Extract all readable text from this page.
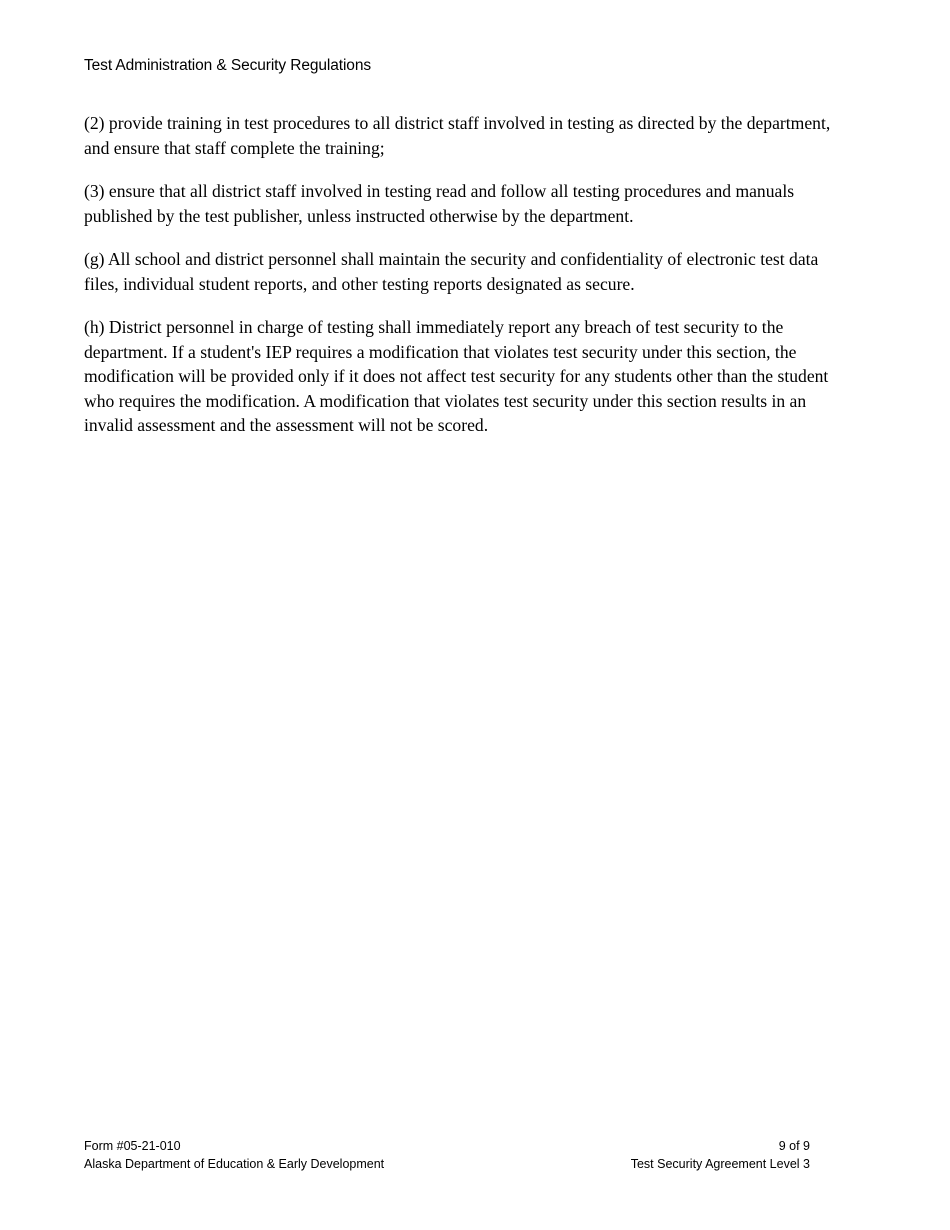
Test Administration & Security Regulations

(2) provide training in test procedures to all district staff involved in testing as directed by the department, and ensure that staff complete the training;

(3) ensure that all district staff involved in testing read and follow all testing procedures and manuals published by the test publisher, unless instructed otherwise by the department.

(g) All school and district personnel shall maintain the security and confidentiality of electronic test data files, individual student reports, and other testing reports designated as secure.

(h) District personnel in charge of testing shall immediately report any breach of test security to the department. If a student's IEP requires a modification that violates test security under this section, the modification will be provided only if it does not affect test security for any students other than the student who requires the modification. A modification that violates test security under this section results in an invalid assessment and the assessment will not be scored.

Form #05-21-010
Alaska Department of Education & Early Development
9 of 9
Test Security Agreement Level 3
